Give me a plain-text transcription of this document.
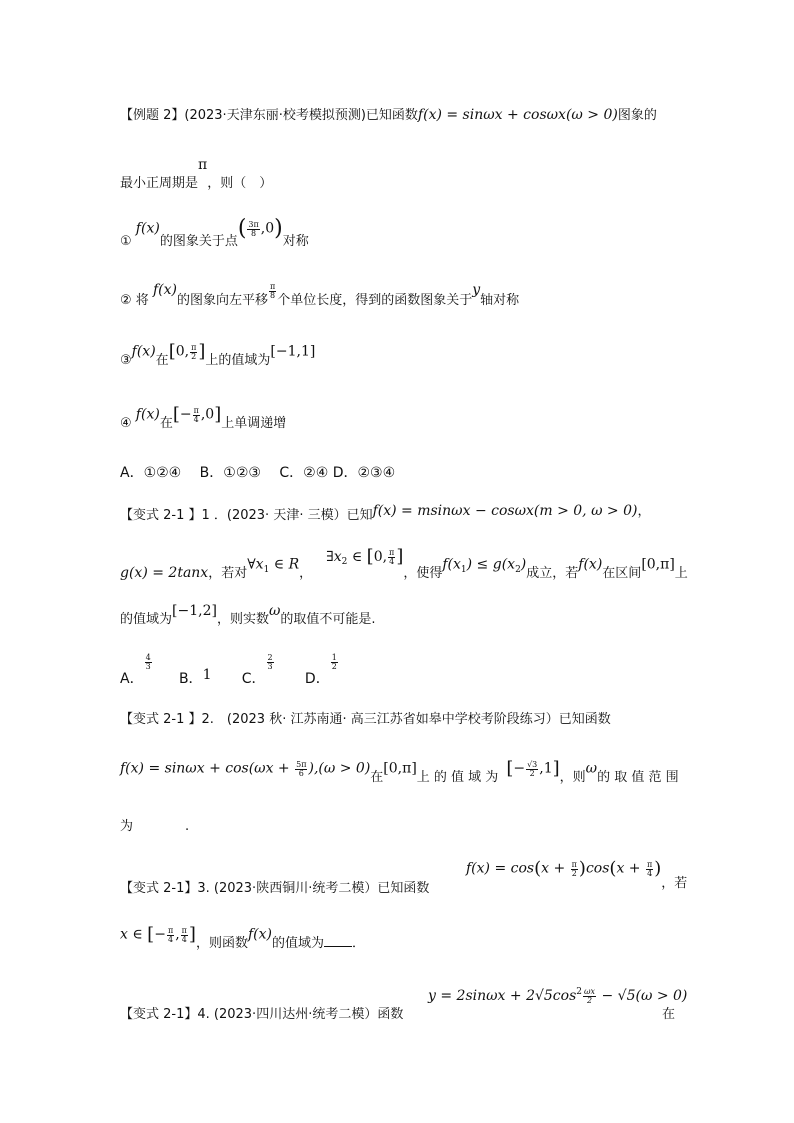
【例题 2】(2023·天津东丽·校考模拟预测)已知函数f(x) = sinωx + cosωx(ω > 0)图象的
最小正周期是π，则（　）
① f(x)的图象关于点( $\frac{3\pi}{8} ,0$)对称
② 将 f(x)的图象向左平移
$\frac{\pi}{8}$
个单位长度，得到的函数图象关于y轴对称
③f(x)在[0, $\frac{\pi}{2}$ ]上的值域为[−1,1]
④ f(x)在[− $\frac{\pi}{4} ,0$]上单调递增
A．①②④　 B．①②③　 C．②④ D．②③④
【变式 2-1 】1 ．(2023· 天津· 三模）已知f(x) = msinωx − cosωx(m > 0, ω > 0)，
g(x) = 2tanx，若对$\forall x_1$ ∈ R，$\exists x^2$ ∈ [0, $\frac{\pi}{4}$ ]，使得$f(x_1) \le g(x_2)$成立，若f(x)在区间[0,π]上
的值域为[−1,2]，则实数ω的取值不可能是.
A．
$\frac{4}{3}$
B．1 C．
$\frac{2}{3}$
D．
$\frac{1}{2}$
【变式 2-1 】2.　(2023 秋· 江苏南通· 高三江苏省如皋中学校考阶段练习）已知函数
$f(x) = \sin\omega x + \cos(\omega x + \frac{5\pi}{6} ),(\omega > 0)$在[0,π]上 的 值 域 为 [− $\frac{√3}{2} ,1$]，则ω的 取 值 范 围
为　　　　.
$f(x) = \cos(x + \frac{\pi}{2} )\cos(x + \frac{\pi}{4}$ )，若
【变式 2-1】3. (2023·陕西铜川·统考二模）已知函数
x ∈ [− $\frac{\pi}{4}$ , $\frac{\pi}{4}$ ]，则函数f(x)的值域为 ．
$y = 2\sin\omega x + 2√5\cos^2 \frac{\omega x}{2} - √5(\omega > 0)$
【变式 2-1】4. (2023·四川达州·统考二模）函数	在
